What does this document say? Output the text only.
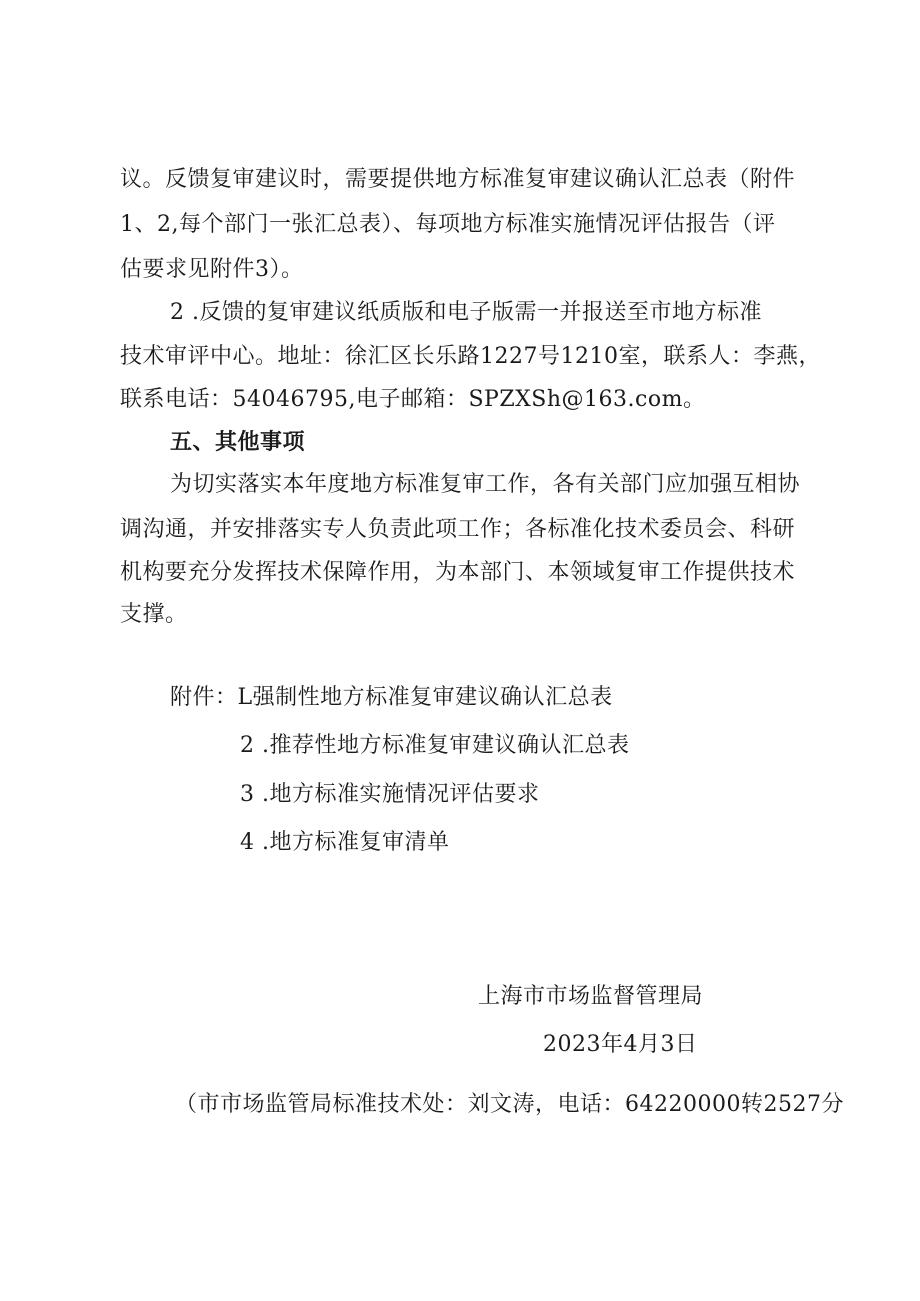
议。反馈复审建议时，需要提供地方标准复审建议确认汇总表（附件
1、2,每个部门一张汇总表）、每项地方标准实施情况评估报告（评
估要求见附件3）。
2 .反馈的复审建议纸质版和电子版需一并报送至市地方标准
技术审评中心。地址：徐汇区长乐路1227号1210室，联系人：李燕，
联系电话：54046795,电子邮箱：SPZXSh@163.com。
五、其他事项
为切实落实本年度地方标准复审工作，各有关部门应加强互相协
调沟通，并安排落实专人负责此项工作；各标准化技术委员会、科研
机构要充分发挥技术保障作用，为本部门、本领域复审工作提供技术
支撑。
附件：L强制性地方标准复审建议确认汇总表
2 .推荐性地方标准复审建议确认汇总表
3 .地方标准实施情况评估要求
4 .地方标准复审清单
上海市市场监督管理局
2023年4月3日
（市市场监管局标准技术处：刘文涛，电话：64220000转2527分
